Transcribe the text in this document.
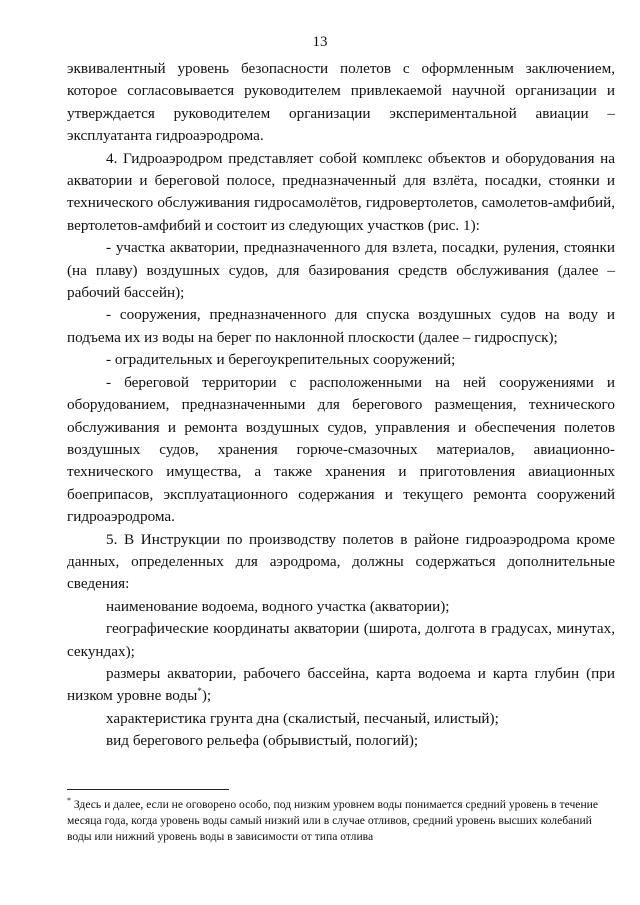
13

эквивалентный уровень безопасности полетов с оформленным заключением, которое согласовывается руководителем привлекаемой научной организации и утверждается руководителем организации экспериментальной авиации – эксплуатанта гидроаэродрома.

4. Гидроаэродром представляет собой комплекс объектов и оборудования на акватории и береговой полосе, предназначенный для взлёта, посадки, стоянки и технического обслуживания гидросамолётов, гидровертолетов, самолетов-амфибий, вертолетов-амфибий и состоит из следующих участков (рис. 1):

- участка акватории, предназначенного для взлета, посадки, руления, стоянки (на плаву) воздушных судов, для базирования средств обслуживания (далее – рабочий бассейн);

- сооружения, предназначенного для спуска воздушных судов на воду и подъема их из воды на берег по наклонной плоскости (далее – гидроспуск);

- оградительных и берегоукрепительных сооружений;

- береговой территории с расположенными на ней сооружениями и оборудованием, предназначенными для берегового размещения, технического обслуживания и ремонта воздушных судов, управления и обеспечения полетов воздушных судов, хранения горюче-смазочных материалов, авиационно-технического имущества, а также хранения и приготовления авиационных боеприпасов, эксплуатационного содержания и текущего ремонта сооружений гидроаэродрома.

5. В Инструкции по производству полетов в районе гидроаэродрома кроме данных, определенных для аэродрома, должны содержаться дополнительные сведения:

наименование водоема, водного участка (акватории);

географические координаты акватории (широта, долгота в градусах, минутах, секундах);

размеры акватории, рабочего бассейна, карта водоема и карта глубин (при низком уровне воды*);

характеристика грунта дна (скалистый, песчаный, илистый);

вид берегового рельефа (обрывистый, пологий);

* Здесь и далее, если не оговорено особо, под низким уровнем воды понимается средний уровень в течение месяца года, когда уровень воды самый низкий или в случае отливов, средний уровень высших колебаний воды или нижний уровень воды в зависимости от типа отлива
